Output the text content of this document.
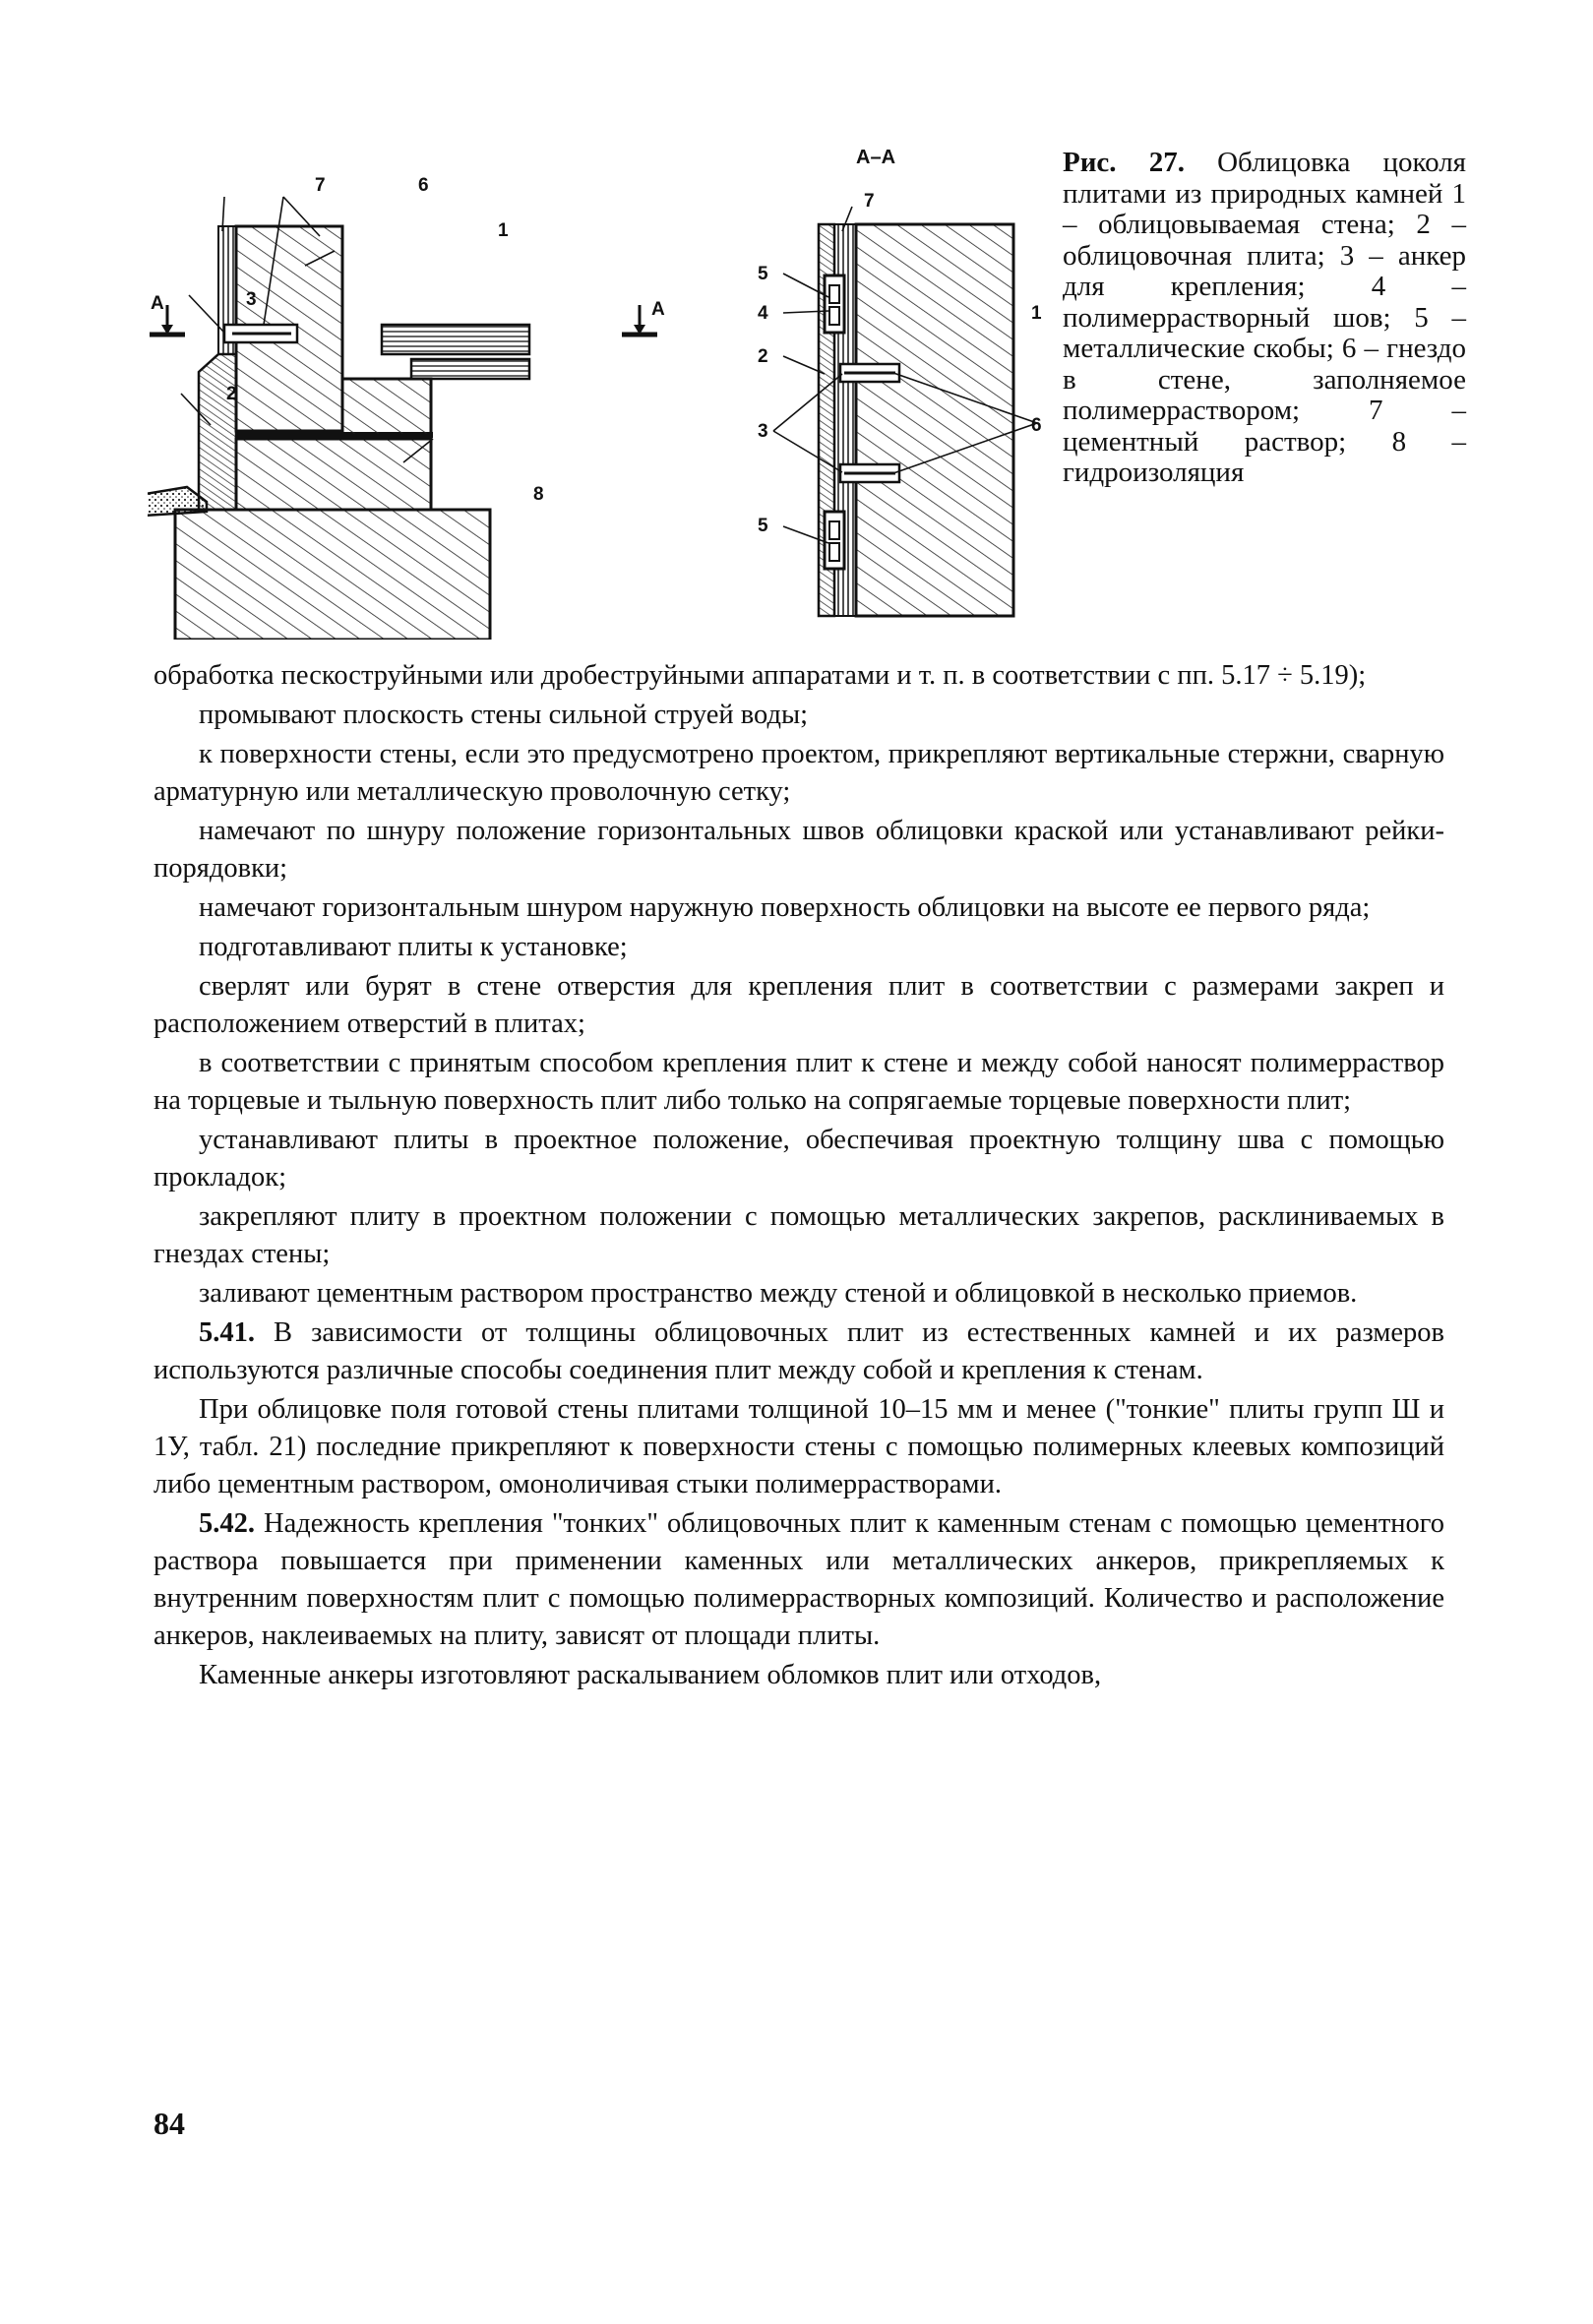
А	А
7	6
1
3
2
8
А–А
7
5
4
2
3
5
1
6
Рис. 27. Облицовка цоколя плитами из природных камней 1 – облицовываемая стена; 2 – облицовочная плита; 3 – анкер для крепления; 4 – полимеррастворный шов; 5 – металлические скобы; 6 – гнездо в стене, заполняемое полимерраствором; 7 – цементный раствор; 8 – гидроизоляция

обработка пескоструйными или дробеструйными аппаратами и т. п. в соответствии с пп. 5.17 ÷ 5.19);

промывают плоскость стены сильной струей воды;

к поверхности стены, если это предусмотрено проектом, прикрепляют вертикальные стержни, сварную арматурную или металлическую проволочную сетку;

намечают по шнуру положение горизонтальных швов облицовки краской или устанавливают рейки-порядовки;

намечают горизонтальным шнуром наружную поверхность облицовки на высоте ее первого ряда;

подготавливают плиты к установке;

сверлят или бурят в стене отверстия для крепления плит в соответствии с размерами закреп и расположением отверстий в плитах;

в соответствии с принятым способом крепления плит к стене и между собой наносят полимерраствор на торцевые и тыльную поверхность плит либо только на сопрягаемые торцевые поверхности плит;

устанавливают плиты в проектное положение, обеспечивая проектную толщину шва с помощью прокладок;

закрепляют плиту в проектном положении с помощью металлических закрепов, расклиниваемых в гнездах стены;

заливают цементным раствором пространство между стеной и облицовкой в несколько приемов.

5.41. В зависимости от толщины облицовочных плит из естественных камней и их размеров используются различные способы соединения плит между собой и крепления к стенам.

При облицовке поля готовой стены плитами толщиной 10–15 мм и менее ("тонкие" плиты групп Ш и 1У, табл. 21) последние прикрепляют к поверхности стены с помощью полимерных клеевых композиций либо цементным раствором, омоноличивая стыки полимеррастворами.

5.42. Надежность крепления "тонких" облицовочных плит к каменным стенам с помощью цементного раствора повышается при применении каменных или металлических анкеров, прикрепляемых к внутренним поверхностям плит с помощью полимеррастворных композиций. Количество и расположение анкеров, наклеиваемых на плиту, зависят от площади плиты.

Каменные анкеры изготовляют раскалыванием обломков плит или отходов,

84
